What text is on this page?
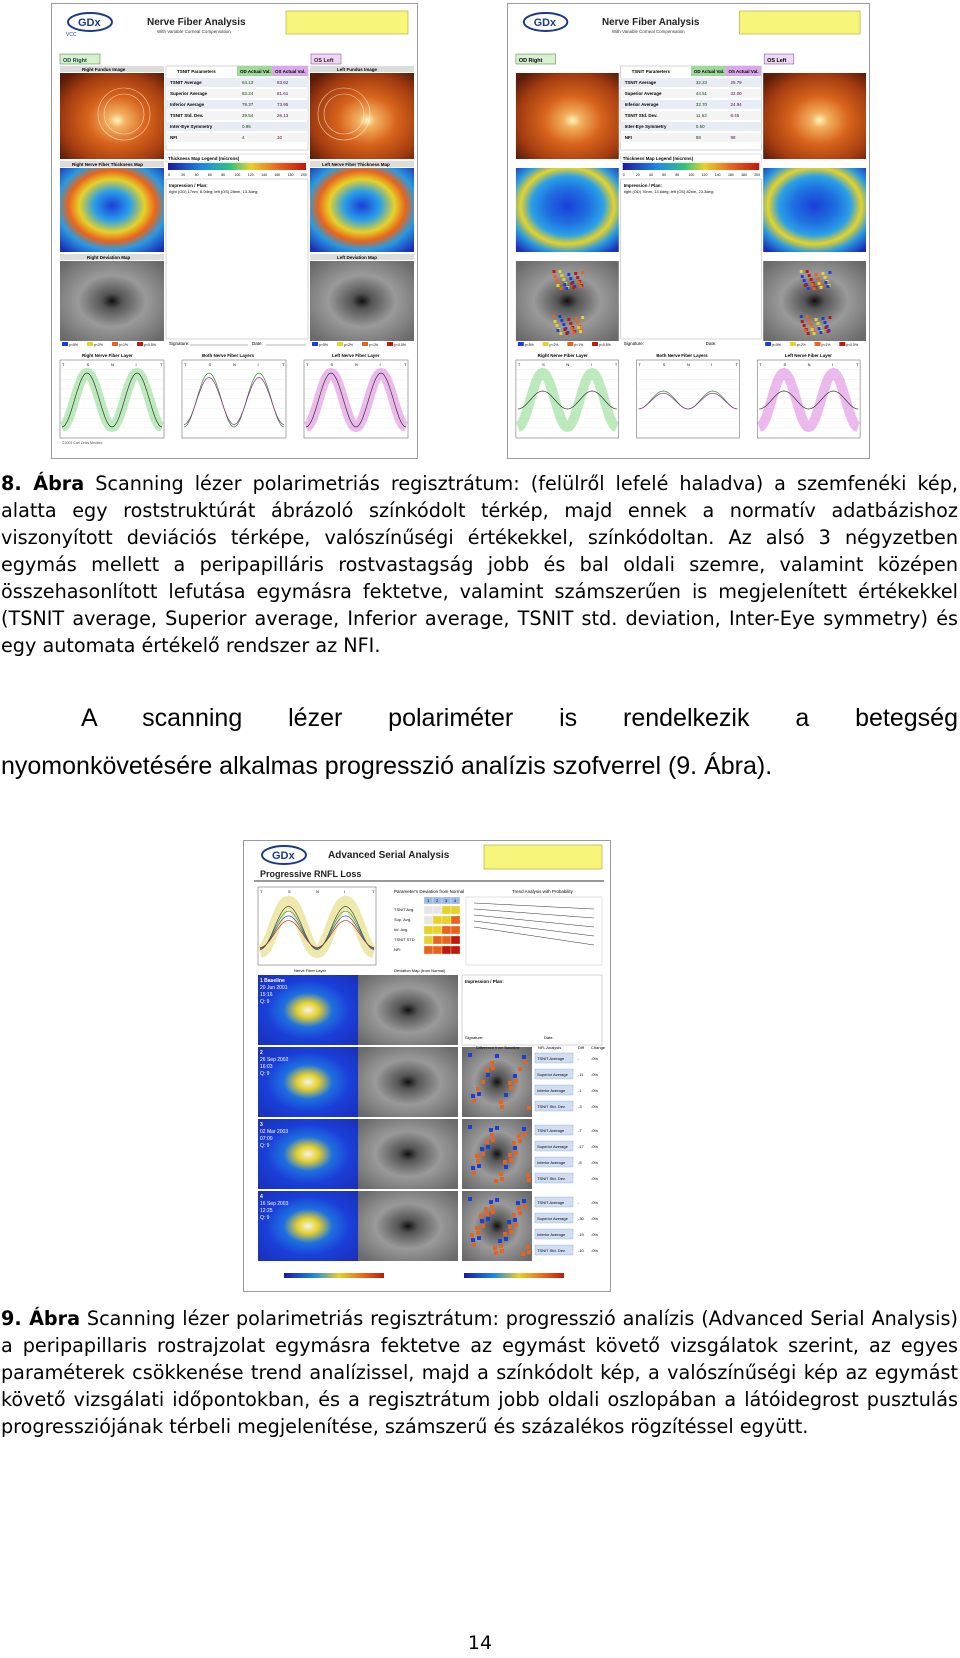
GDx
VCC
Nerve Fiber Analysis
With Variable Corneal Compensation
OD Right	OS Left
Right Fundus Image	Left Fundus Image
TSNIT Parameters	OD Actual Val. OS Actual Val.
TSNIT Average	64.13	63.62
Superior Average	83.24	81.61
Inferior Average	79.37	73.95
TSNIT Std. Dev.	29.54	26.13
Inter-Eye Symmetry	0.96
NFI	4	10
Thickness Map Legend (microns)
0	20	40	60	80	100 120 140 160 180 200
Impression / Plan:
right (OD) 17nm, 8.0deg; left (OS) 28nm, 13.3deg;
Signature:	Date:
Right Nerve Fiber Thickness Map	Left Nerve Fiber Thickness Map
Right Deviation Map	Left Deviation Map
p<5%	p<2%	p<1%	p<0.5%	p<5%	p<2%	p<1%	p<0.5%
Right Nerve Fiber Layer	Both Nerve Fiber Layers	Left Nerve Fiber Layer
T	S	N	I	T	T	S	N	I	T	T	S	N	I	T
©2003 Carl Zeiss Meditec
GDx	Nerve Fiber Analysis
With Variable Corneal Compensation
OD Right	OS Left
TSNIT Parameters	OD Actual Val. OS Actual Val.
TSNIT Average	32.23	25.79
Superior Average	44.51	32.00
Inferior Average	32.70	24.94
TSNIT Std. Dev.	11.53	8.45
Inter-Eye Symmetry	0.50
NFI	88	98
Thickness Map Legend (microns)
0	20	40	60	80	100 120 140 160 180 200
Impression / Plan:
right (OD) 76nm, 13.6deg; left (OS) 82nm, 23.3deg;
Signature:	Date:
p<5%	p<2%	p<1%	p<0.5%	p<5%	p<2%	p<1%	p<0.5%
Right Nerve Fiber Layer	Both Nerve Fiber Layers	Left Nerve Fiber Layer
T	S	N	I	T	T	S	N	I	T	T	S	N	I	T
8. Ábra Scanning lézer polarimetriás regisztrátum: (felülről lefelé haladva) a szemfenéki kép, alatta egy roststruktúrát ábrázoló színkódolt térkép, majd ennek a normatív adatbázishoz viszonyított deviációs térképe, valószínűségi értékekkel, színkódoltan. Az alsó 3 négyzetben egymás mellett a peripapilláris rostvastagság jobb és bal oldali szemre, valamint középen összehasonlított lefutása egymásra fektetve, valamint számszerűen is megjelenített értékekkel (TSNIT average, Superior average, Inferior average, TSNIT std. deviation, Inter-Eye symmetry) és egy automata értékelő rendszer az NFI.
A scanning lézer polariméter is rendelkezik a betegség
nyomonkövetésére alkalmas progresszió analízis szofverrel (9. Ábra).
GDx	Advanced Serial Analysis
Progressive RNFL Loss
T	S	N	I	T	Parameter's Deviation from Normal	Trend Analysis with Probability
1 2 3 4
TSNIT Avg.
Sup. Avg.
Inf. Avg.
TSNIT STD
NFI
Nerve Fiber Layer	Deviation Map (from Normal)
1 Baseline
20 Jun 2001
15:16
Q: 9
2
26 Sep 2002
16:03
Q: 9
3
02 Mar 2003
07:00
Q: 9
4
16 Sep 2003
12:25
Q: 9
Impression / Plan:
Signature:	Date:
Difference from Baseline	NFL Analysis	Diff Change
TSNIT Average	-	-0%
Superior Average	-11 -0%
Inferior Average	-1 -0%
TSNIT Std. Dev.	-3 -0%
TSNIT Average	-7 -0%
Superior Average	-17 -0%
Inferior Average	-5 -0%
TSNIT Std. Dev.	-0%
TSNIT Average	-	-0%
Superior Average	-30 -0%
Inferior Average	-19 -0%
TSNIT Std. Dev.	-10 -0%
9. Ábra Scanning lézer polarimetriás regisztrátum: progresszió analízis (Advanced Serial Analysis) a peripapillaris rostrajzolat egymásra fektetve az egymást követő vizsgálatok szerint, az egyes paraméterek csökkenése trend analízissel, majd a színkódolt kép, a valószínűségi kép az egymást követő vizsgálati időpontokban, és a regisztrátum jobb oldali oszlopában a látóidegrost pusztulás progressziójának térbeli megjelenítése, számszerű és százalékos rögzítéssel együtt.
14
